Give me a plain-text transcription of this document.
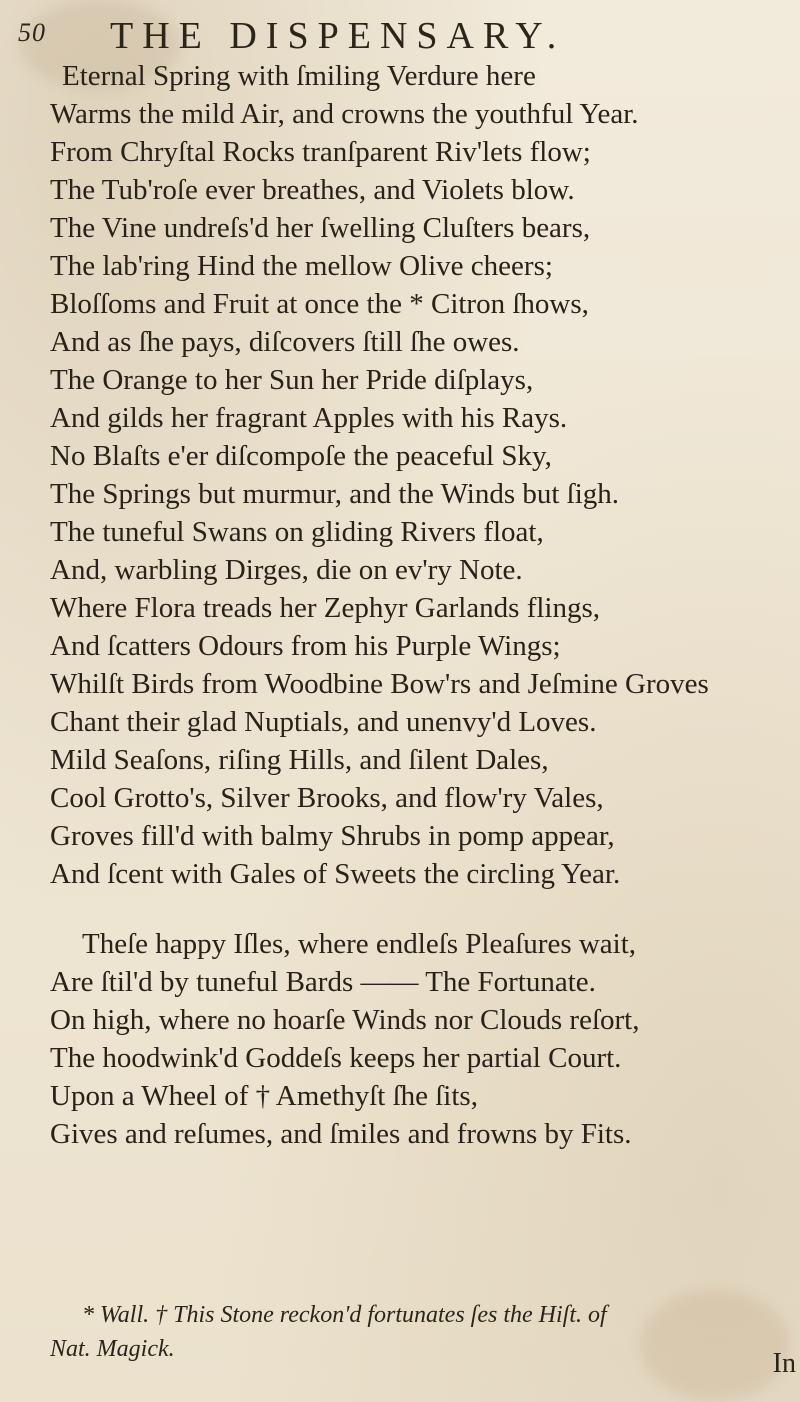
50 THE DISPENSARY.
Eternal Spring with ſmiling Verdure here
Warms the mild Air, and crowns the youthful Year.
From Chryſtal Rocks tranſparent Riv'lets flow;
The Tub'roſe ever breathes, and Violets blow.
The Vine undreſs'd her ſwelling Cluſters bears,
The lab'ring Hind the mellow Olive cheers;
Bloſſoms and Fruit at once the * Citron ſhows,
And as ſhe pays, diſcovers ſtill ſhe owes.
The Orange to her Sun her Pride diſplays,
And gilds her fragrant Apples with his Rays.
No Blaſts e'er diſcompoſe the peaceful Sky,
The Springs but murmur, and the Winds but ſigh.
The tuneful Swans on gliding Rivers float,
And, warbling Dirges, die on ev'ry Note.
Where Flora treads her Zephyr Garlands flings,
And ſcatters Odours from his Purple Wings;
Whilſt Birds from Woodbine Bow'rs and Jeſmine Groves
Chant their glad Nuptials, and unenvy'd Loves.
Mild Seaſons, riſing Hills, and ſilent Dales,
Cool Grotto's, Silver Brooks, and flow'ry Vales,
Groves fill'd with balmy Shrubs in pomp appear,
And ſcent with Gales of Sweets the circling Year.
Theſe happy Iſles, where endleſs Pleaſures wait,
Are ſtil'd by tuneful Bards —— The Fortunate.
On high, where no hoarſe Winds nor Clouds reſort,
The hoodwink'd Goddeſs keeps her partial Court.
Upon a Wheel of † Amethyſt ſhe ſits,
Gives and reſumes, and ſmiles and frowns by Fits.
* Wall. † This Stone reckon'd fortunates ſes the Hiſt. of
Nat. Magick.	In
